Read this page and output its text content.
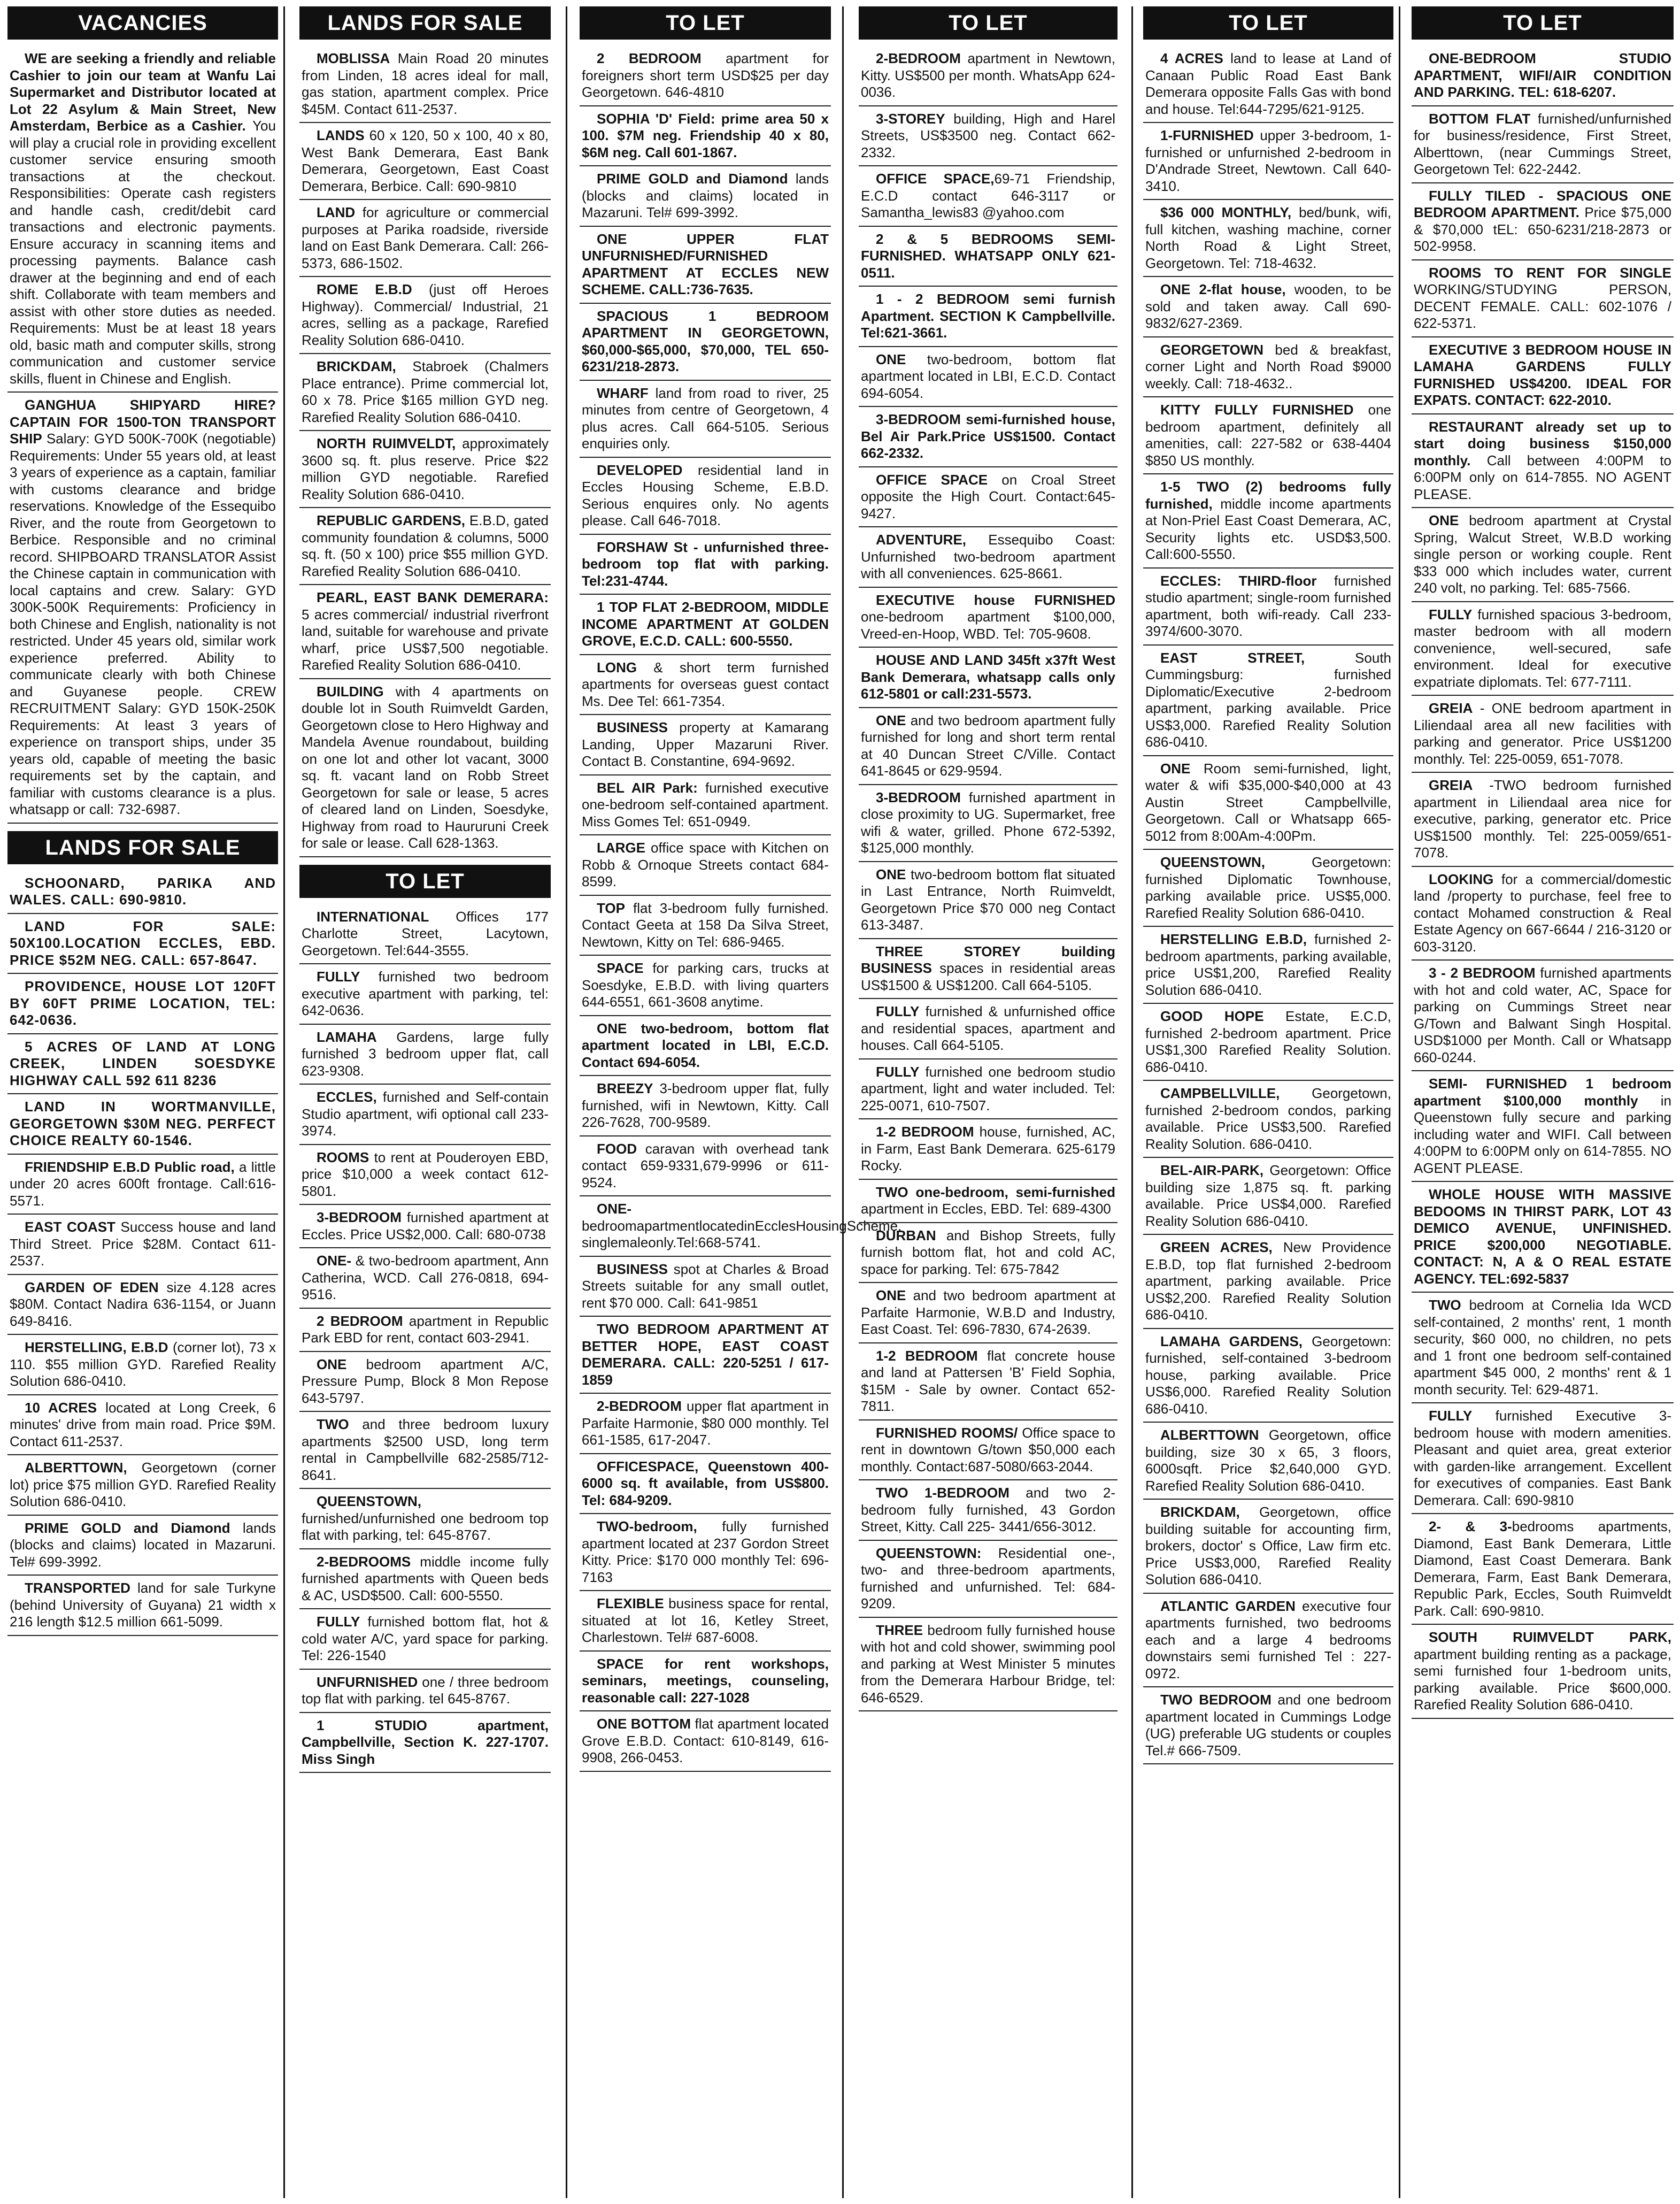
VACANCIES
WE are seeking a friendly and reliable Cashier to join our team at Wanfu Lai Supermarket and Distributor located at Lot 22 Asylum & Main Street, New Amsterdam, Berbice as a Cashier. You will play a crucial role in providing excellent customer service ensuring smooth transactions at the checkout. Responsibilities: Operate cash registers and handle cash, credit/debit card transactions and electronic payments. Ensure accuracy in scanning items and processing payments. Balance cash drawer at the beginning and end of each shift. Collaborate with team members and assist with other store duties as needed. Requirements: Must be at least 18 years old, basic math and computer skills, strong communication and customer service skills, fluent in Chinese and English.
GANGHUA SHIPYARD HIRE? CAPTAIN FOR 1500-TON TRANSPORT SHIP Salary: GYD 500K-700K (negotiable) Requirements: Under 55 years old, at least 3 years of experience as a captain, familiar with customs clearance and bridge reservations. Knowledge of the Essequibo River, and the route from Georgetown to Berbice. Responsible and no criminal record. SHIPBOARD TRANSLATOR Assist the Chinese captain in communication with local captains and crew. Salary: GYD 300K-500K Requirements: Proficiency in both Chinese and English, nationality is not restricted. Under 45 years old, similar work experience preferred. Ability to communicate clearly with both Chinese and Guyanese people. CREW RECRUITMENT Salary: GYD 150K-250K Requirements: At least 3 years of experience on transport ships, under 35 years old, capable of meeting the basic requirements set by the captain, and familiar with customs clearance is a plus. whatsapp or call: 732-6987.
LANDS FOR SALE
SCHOONARD, PARIKA AND WALES. CALL: 690-9810.
LAND FOR SALE: 50X100.LOCATION ECCLES, EBD. PRICE $52M NEG. CALL: 657-8647.
PROVIDENCE, HOUSE LOT 120FT BY 60FT PRIME LOCATION, TEL: 642-0636.
5 ACRES OF LAND AT LONG CREEK, LINDEN SOESDYKE HIGHWAY CALL 592 611 8236
LAND IN WORTMANVILLE, GEORGETOWN $30M NEG. PERFECT CHOICE REALTY 60-1546.
FRIENDSHIP E.B.D Public road, a little under 20 acres 600ft frontage. Call:616-5571.
EAST COAST Success house and land Third Street. Price $28M. Contact 611-2537.
GARDEN OF EDEN size 4.128 acres $80M. Contact Nadira 636-1154, or Juann 649-8416.
HERSTELLING, E.B.D (corner lot), 73 x 110. $55 million GYD. Rarefied Reality Solution 686-0410.
10 ACRES located at Long Creek, 6 minutes' drive from main road. Price $9M. Contact 611-2537.
ALBERTTOWN, Georgetown (corner lot) price $75 million GYD. Rarefied Reality Solution 686-0410.
PRIME GOLD and Diamond lands (blocks and claims) located in Mazaruni. Tel# 699-3992.
TRANSPORTED land for sale Turkyne (behind University of Guyana) 21 width x 216 length $12.5 million 661-5099.
LANDS FOR SALE
MOBLISSA Main Road 20 minutes from Linden, 18 acres ideal for mall, gas station, apartment complex. Price $45M. Contact 611-2537.
LANDS 60 x 120, 50 x 100, 40 x 80, West Bank Demerara, East Bank Demerara, Georgetown, East Coast Demerara, Berbice. Call: 690-9810
LAND for agriculture or commercial purposes at Parika roadside, riverside land on East Bank Demerara. Call: 266-5373, 686-1502.
ROME E.B.D (just off Heroes Highway). Commercial/ Industrial, 21 acres, selling as a package, Rarefied Reality Solution 686-0410.
BRICKDAM, Stabroek (Chalmers Place entrance). Prime commercial lot, 60 x 78. Price $165 million GYD neg. Rarefied Reality Solution 686-0410.
NORTH RUIMVELDT, approximately 3600 sq. ft. plus reserve. Price $22 million GYD negotiable. Rarefied Reality Solution 686-0410.
REPUBLIC GARDENS, E.B.D, gated community foundation & columns, 5000 sq. ft. (50 x 100) price $55 million GYD. Rarefied Reality Solution 686-0410.
PEARL, EAST BANK DEMERARA: 5 acres commercial/ industrial riverfront land, suitable for warehouse and private wharf, price US$7,500 negotiable. Rarefied Reality Solution 686-0410.
BUILDING with 4 apartments on double lot in South Ruimveldt Garden, Georgetown close to Hero Highway and Mandela Avenue roundabout, building on one lot and other lot vacant, 3000 sq. ft. vacant land on Robb Street Georgetown for sale or lease, 5 acres of cleared land on Linden, Soesdyke, Highway from road to Haururuni Creek for sale or lease. Call 628-1363.
TO LET
INTERNATIONAL Offices 177 Charlotte Street, Lacytown, Georgetown. Tel:644-3555.
FULLY furnished two bedroom executive apartment with parking, tel: 642-0636.
LAMAHA Gardens, large fully furnished 3 bedroom upper flat, call 623-9308.
ECCLES, furnished and Self-contain Studio apartment, wifi optional call 233-3974.
ROOMS to rent at Pouderoyen EBD, price $10,000 a week contact 612-5801.
3-BEDROOM furnished apartment at Eccles. Price US$2,000. Call: 680-0738
ONE- & two-bedroom apartment, Ann Catherina, WCD. Call 276-0818, 694-9516.
2 BEDROOM apartment in Republic Park EBD for rent, contact 603-2941.
ONE bedroom apartment A/C, Pressure Pump, Block 8 Mon Repose 643-5797.
TWO and three bedroom luxury apartments $2500 USD, long term rental in Campbellville 682-2585/712-8641.
QUEENSTOWN, furnished/unfurnished one bedroom top flat with parking, tel: 645-8767.
2-BEDROOMS middle income fully furnished apartments with Queen beds & AC, USD$500. Call: 600-5550.
FULLY furnished bottom flat, hot & cold water A/C, yard space for parking. Tel: 226-1540
UNFURNISHED one / three bedroom top flat with parking. tel 645-8767.
1 STUDIO apartment, Campbellville, Section K. 227-1707. Miss Singh
TO LET
2 BEDROOM apartment for foreigners short term USD$25 per day Georgetown. 646-4810
SOPHIA 'D' Field: prime area 50 x 100. $7M neg. Friendship 40 x 80, $6M neg. Call 601-1867.
PRIME GOLD and Diamond lands (blocks and claims) located in Mazaruni. Tel# 699-3992.
ONE UPPER FLAT UNFURNISHED/FURNISHED APARTMENT AT ECCLES NEW SCHEME. CALL:736-7635.
SPACIOUS 1 BEDROOM APARTMENT IN GEORGETOWN, $60,000-$65,000, $70,000, TEL 650-6231/218-2873.
WHARF land from road to river, 25 minutes from centre of Georgetown, 4 plus acres. Call 664-5105. Serious enquiries only.
DEVELOPED residential land in Eccles Housing Scheme, E.B.D. Serious enquires only. No agents please. Call 646-7018.
FORSHAW St - unfurnished three-bedroom top flat with parking. Tel:231-4744.
1 TOP FLAT 2-BEDROOM, MIDDLE INCOME APARTMENT AT GOLDEN GROVE, E.C.D. CALL: 600-5550.
LONG & short term furnished apartments for overseas guest contact Ms. Dee Tel: 661-7354.
BUSINESS property at Kamarang Landing, Upper Mazaruni River. Contact B. Constantine, 694-9692.
BEL AIR Park: furnished executive one-bedroom self-contained apartment. Miss Gomes Tel: 651-0949.
LARGE office space with Kitchen on Robb & Ornoque Streets contact 684-8599.
TOP flat 3-bedroom fully furnished. Contact Geeta at 158 Da Silva Street, Newtown, Kitty on Tel: 686-9465.
SPACE for parking cars, trucks at Soesdyke, E.B.D. with living quarters 644-6551, 661-3608 anytime.
ONE two-bedroom, bottom flat apartment located in LBI, E.C.D. Contact 694-6054.
BREEZY 3-bedroom upper flat, fully furnished, wifi in Newtown, Kitty. Call 226-7628, 700-9589.
FOOD caravan with overhead tank contact 659-9331,679-9996 or 611-9524.
ONE-bedroomapartmentlocatedinEcclesHousingScheme. singlemaleonly.Tel:668-5741.
BUSINESS spot at Charles & Broad Streets suitable for any small outlet, rent $70 000. Call: 641-9851
TWO BEDROOM APARTMENT AT BETTER HOPE, EAST COAST DEMERARA. CALL: 220-5251 / 617-1859
2-BEDROOM upper flat apartment in Parfaite Harmonie, $80 000 monthly. Tel 661-1585, 617-2047.
OFFICESPACE, Queenstown 400-6000 sq. ft available, from US$800. Tel: 684-9209.
TWO-bedroom, fully furnished apartment located at 237 Gordon Street Kitty. Price: $170 000 monthly Tel: 696-7163
FLEXIBLE business space for rental, situated at lot 16, Ketley Street, Charlestown. Tel# 687-6008.
SPACE for rent workshops, seminars, meetings, counseling, reasonable call: 227-1028
ONE BOTTOM flat apartment located Grove E.B.D. Contact: 610-8149, 616-9908, 266-0453.
TO LET
2-BEDROOM apartment in Newtown, Kitty. US$500 per month. WhatsApp 624-0036.
3-STOREY building, High and Harel Streets, US$3500 neg. Contact 662-2332.
OFFICE SPACE,69-71 Friendship, E.C.D contact 646-3117 or Samantha_lewis83 @yahoo.com
2 & 5 BEDROOMS SEMI-FURNISHED. WHATSAPP ONLY 621-0511.
1 - 2 BEDROOM semi furnish Apartment. SECTION K Campbellville. Tel:621-3661.
ONE two-bedroom, bottom flat apartment located in LBI, E.C.D. Contact 694-6054.
3-BEDROOM semi-furnished house, Bel Air Park.Price US$1500. Contact 662-2332.
OFFICE SPACE on Croal Street opposite the High Court. Contact:645-9427.
ADVENTURE, Essequibo Coast: Unfurnished two-bedroom apartment with all conveniences. 625-8661.
EXECUTIVE house FURNISHED one-bedroom apartment $100,000, Vreed-en-Hoop, WBD. Tel: 705-9608.
HOUSE AND LAND 345ft x37ft West Bank Demerara, whatsapp calls only 612-5801 or call:231-5573.
ONE and two bedroom apartment fully furnished for long and short term rental at 40 Duncan Street C/Ville. Contact 641-8645 or 629-9594.
3-BEDROOM furnished apartment in close proximity to UG. Supermarket, free wifi & water, grilled. Phone 672-5392, $125,000 monthly.
ONE two-bedroom bottom flat situated in Last Entrance, North Ruimveldt, Georgetown Price $70 000 neg Contact 613-3487.
THREE STOREY building BUSINESS spaces in residential areas US$1500 & US$1200. Call 664-5105.
FULLY furnished & unfurnished office and residential spaces, apartment and houses. Call 664-5105.
FULLY furnished one bedroom studio apartment, light and water included. Tel: 225-0071, 610-7507.
1-2 BEDROOM house, furnished, AC, in Farm, East Bank Demerara. 625-6179 Rocky.
TWO one-bedroom, semi-furnished apartment in Eccles, EBD. Tel: 689-4300
DURBAN and Bishop Streets, fully furnish bottom flat, hot and cold AC, space for parking. Tel: 675-7842
ONE and two bedroom apartment at Parfaite Harmonie, W.B.D and Industry, East Coast. Tel: 696-7830, 674-2639.
1-2 BEDROOM flat concrete house and land at Pattersen 'B' Field Sophia, $15M - Sale by owner. Contact 652-7811.
FURNISHED ROOMS/ Office space to rent in downtown G/town $50,000 each monthly. Contact:687-5080/663-2044.
TWO 1-BEDROOM and two 2-bedroom fully furnished, 43 Gordon Street, Kitty. Call 225- 3441/656-3012.
QUEENSTOWN: Residential one-, two- and three-bedroom apartments, furnished and unfurnished. Tel: 684-9209.
THREE bedroom fully furnished house with hot and cold shower, swimming pool and parking at West Minister 5 minutes from the Demerara Harbour Bridge, tel: 646-6529.
TO LET
4 ACRES land to lease at Land of Canaan Public Road East Bank Demerara opposite Falls Gas with bond and house. Tel:644-7295/621-9125.
1-FURNISHED upper 3-bedroom, 1-furnished or unfurnished 2-bedroom in D'Andrade Street, Newtown. Call 640-3410.
$36 000 MONTHLY, bed/bunk, wifi, full kitchen, washing machine, corner North Road & Light Street, Georgetown. Tel: 718-4632.
ONE 2-flat house, wooden, to be sold and taken away. Call 690-9832/627-2369.
GEORGETOWN bed & breakfast, corner Light and North Road $9000 weekly. Call: 718-4632..
KITTY FULLY FURNISHED one bedroom apartment, definitely all amenities, call: 227-582 or 638-4404 $850 US monthly.
1-5 TWO (2) bedrooms fully furnished, middle income apartments at Non-Priel East Coast Demerara, AC, Security lights etc. USD$3,500. Call:600-5550.
ECCLES: THIRD-floor furnished studio apartment; single-room furnished apartment, both wifi-ready. Call 233-3974/600-3070.
EAST STREET, South Cummingsburg: furnished Diplomatic/Executive 2-bedroom apartment, parking available. Price US$3,000. Rarefied Reality Solution 686-0410.
ONE Room semi-furnished, light, water & wifi $35,000-$40,000 at 43 Austin Street Campbellville, Georgetown. Call or Whatsapp 665-5012 from 8:00Am-4:00Pm.
QUEENSTOWN, Georgetown: furnished Diplomatic Townhouse, parking available price. US$5,000. Rarefied Reality Solution 686-0410.
HERSTELLING E.B.D, furnished 2-bedroom apartments, parking available, price US$1,200, Rarefied Reality Solution 686-0410.
GOOD HOPE Estate, E.C.D, furnished 2-bedroom apartment. Price US$1,300 Rarefied Reality Solution. 686-0410.
CAMPBELLVILLE, Georgetown, furnished 2-bedroom condos, parking available. Price US$3,500. Rarefied Reality Solution. 686-0410.
BEL-AIR-PARK, Georgetown: Office building size 1,875 sq. ft. parking available. Price US$4,000. Rarefied Reality Solution 686-0410.
GREEN ACRES, New Providence E.B.D, top flat furnished 2-bedroom apartment, parking available. Price US$2,200. Rarefied Reality Solution 686-0410.
LAMAHA GARDENS, Georgetown: furnished, self-contained 3-bedroom house, parking available. Price US$6,000. Rarefied Reality Solution 686-0410.
ALBERTTOWN Georgetown, office building, size 30 x 65, 3 floors, 6000sqft. Price $2,640,000 GYD. Rarefied Reality Solution 686-0410.
BRICKDAM, Georgetown, office building suitable for accounting firm, brokers, doctor' s Office, Law firm etc. Price US$3,000, Rarefied Reality Solution 686-0410.
ATLANTIC GARDEN executive four apartments furnished, two bedrooms each and a large 4 bedrooms downstairs semi furnished Tel : 227-0972.
TWO BEDROOM and one bedroom apartment located in Cummings Lodge (UG) preferable UG students or couples Tel.# 666-7509.
TO LET
ONE-BEDROOM STUDIO APARTMENT, WIFI/AIR CONDITION AND PARKING. TEL: 618-6207.
BOTTOM FLAT furnished/unfurnished for business/residence, First Street, Alberttown, (near Cummings Street, Georgetown Tel: 622-2442.
FULLY TILED - SPACIOUS ONE BEDROOM APARTMENT. Price $75,000 & $70,000 tEL: 650-6231/218-2873 or 502-9958.
ROOMS TO RENT FOR SINGLE WORKING/STUDYING PERSON, DECENT FEMALE. CALL: 602-1076 / 622-5371.
EXECUTIVE 3 BEDROOM HOUSE IN LAMAHA GARDENS FULLY FURNISHED US$4200. IDEAL FOR EXPATS. CONTACT: 622-2010.
RESTAURANT already set up to start doing business $150,000 monthly. Call between 4:00PM to 6:00PM only on 614-7855. NO AGENT PLEASE.
ONE bedroom apartment at Crystal Spring, Walcut Street, W.B.D working single person or working couple. Rent $33 000 which includes water, current 240 volt, no parking. Tel: 685-7566.
FULLY furnished spacious 3-bedroom, master bedroom with all modern convenience, well-secured, safe environment. Ideal for executive expatriate diplomats. Tel: 677-7111.
GREIA - ONE bedroom apartment in Liliendaal area all new facilities with parking and generator. Price US$1200 monthly. Tel: 225-0059, 651-7078.
GREIA -TWO bedroom furnished apartment in Liliendaal area nice for executive, parking, generator etc. Price US$1500 monthly. Tel: 225-0059/651-7078.
LOOKING for a commercial/domestic land /property to purchase, feel free to contact Mohamed construction & Real Estate Agency on 667-6644 / 216-3120 or 603-3120.
3 - 2 BEDROOM furnished apartments with hot and cold water, AC, Space for parking on Cummings Street near G/Town and Balwant Singh Hospital. USD$1000 per Month. Call or Whatsapp 660-0244.
SEMI- FURNISHED 1 bedroom apartment $100,000 monthly in Queenstown fully secure and parking including water and WIFI. Call between 4:00PM to 6:00PM only on 614-7855. NO AGENT PLEASE.
WHOLE HOUSE WITH MASSIVE BEDOOMS IN THIRST PARK, LOT 43 DEMICO AVENUE, UNFINISHED. PRICE $200,000 NEGOTIABLE. CONTACT: N, A & O REAL ESTATE AGENCY. TEL:692-5837
TWO bedroom at Cornelia Ida WCD self-contained, 2 months' rent, 1 month security, $60 000, no children, no pets and 1 front one bedroom self-contained apartment $45 000, 2 months' rent & 1 month security. Tel: 629-4871.
FULLY furnished Executive 3- bedroom house with modern amenities. Pleasant and quiet area, great exterior with garden-like arrangement. Excellent for executives of companies. East Bank Demerara. Call: 690-9810
2- & 3-bedrooms apartments, Diamond, East Bank Demerara, Little Diamond, East Coast Demerara. Bank Demerara, Farm, East Bank Demerara, Republic Park, Eccles, South Ruimveldt Park. Call: 690-9810.
SOUTH RUIMVELDT PARK, apartment building renting as a package, semi furnished four 1-bedroom units, parking available. Price $600,000. Rarefied Reality Solution 686-0410.
